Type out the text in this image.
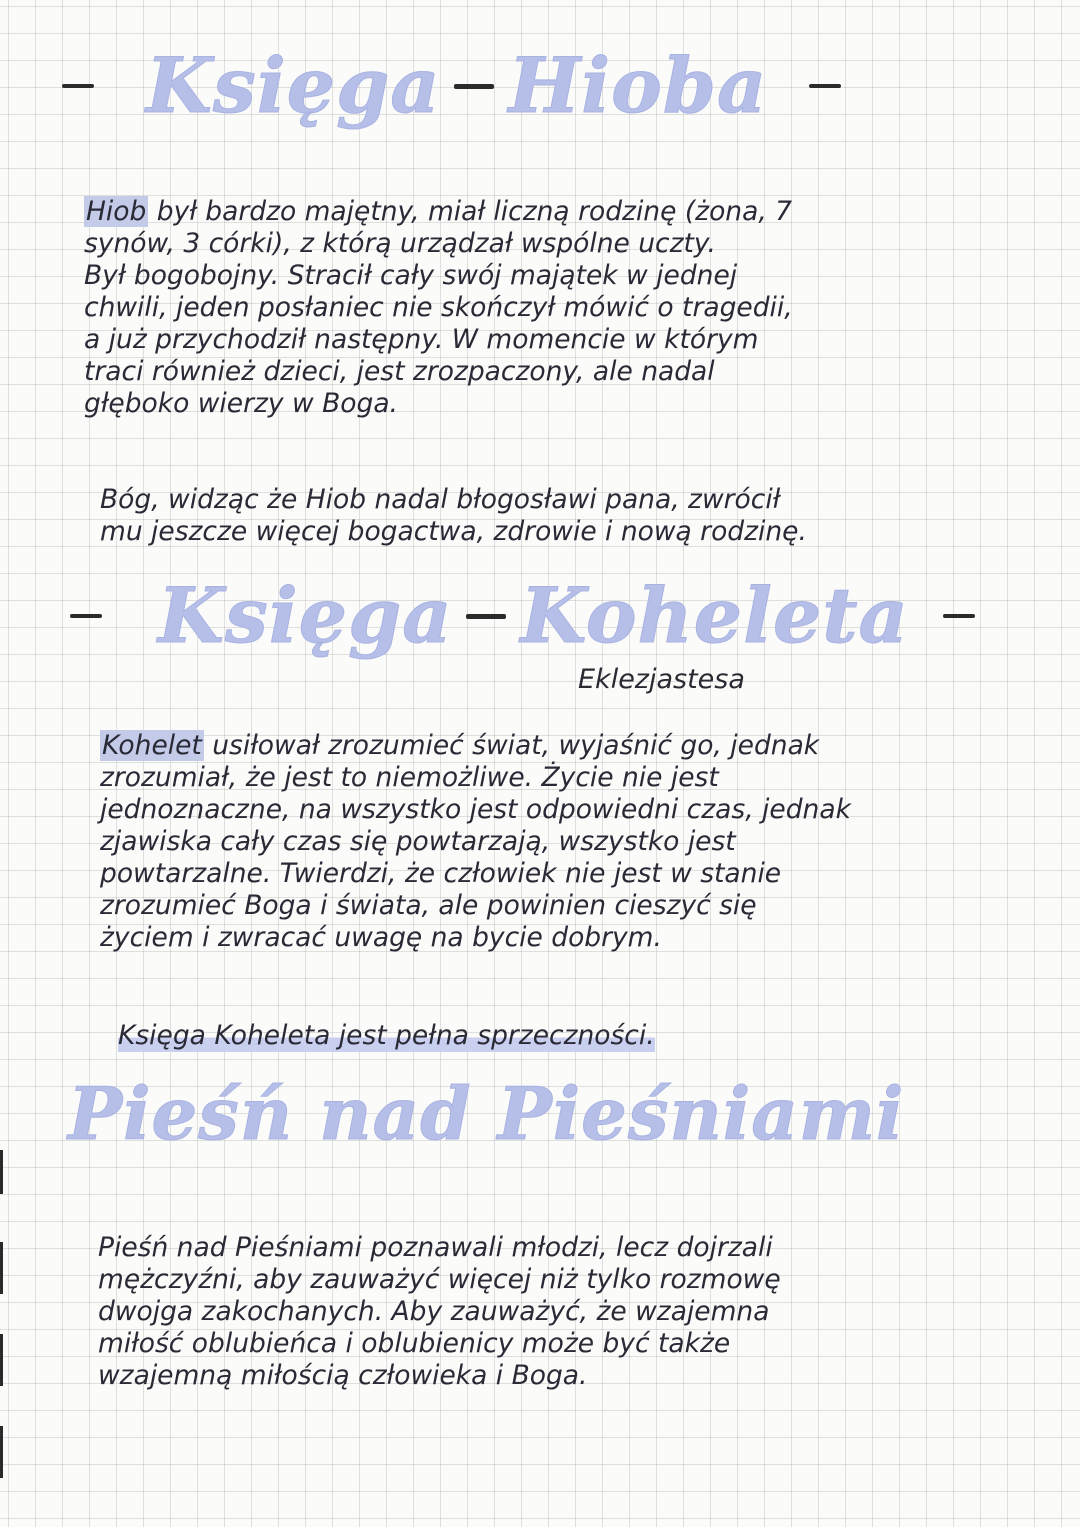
Księga Hioba
Hiob był bardzo majętny, miał liczną rodzinę (żona, 7
synów, 3 córki), z którą urządzał wspólne uczty.
Był bogobojny. Stracił cały swój majątek w jednej
chwili, jeden posłaniec nie skończył mówić o tragedii,
a już przychodził następny. W momencie w którym
traci również dzieci, jest zrozpaczony, ale nadal
głęboko wierzy w Boga.
Bóg, widząc że Hiob nadal błogosławi pana, zwrócił
mu jeszcze więcej bogactwa, zdrowie i nową rodzinę.
Księga Koheleta
Eklezjastesa
Kohelet usiłował zrozumieć świat, wyjaśnić go, jednak
zrozumiał, że jest to niemożliwe. Życie nie jest
jednoznaczne, na wszystko jest odpowiedni czas, jednak
zjawiska cały czas się powtarzają, wszystko jest
powtarzalne. Twierdzi, że człowiek nie jest w stanie
zrozumieć Boga i świata, ale powinien cieszyć się
życiem i zwracać uwagę na bycie dobrym.
Księga Koheleta jest pełna sprzeczności.
Pieśń nad Pieśniami
Pieśń nad Pieśniami poznawali młodzi, lecz dojrzali
mężczyźni, aby zauważyć więcej niż tylko rozmowę
dwojga zakochanych. Aby zauważyć, że wzajemna
miłość oblubieńca i oblubienicy może być także
wzajemną miłością człowieka i Boga.
